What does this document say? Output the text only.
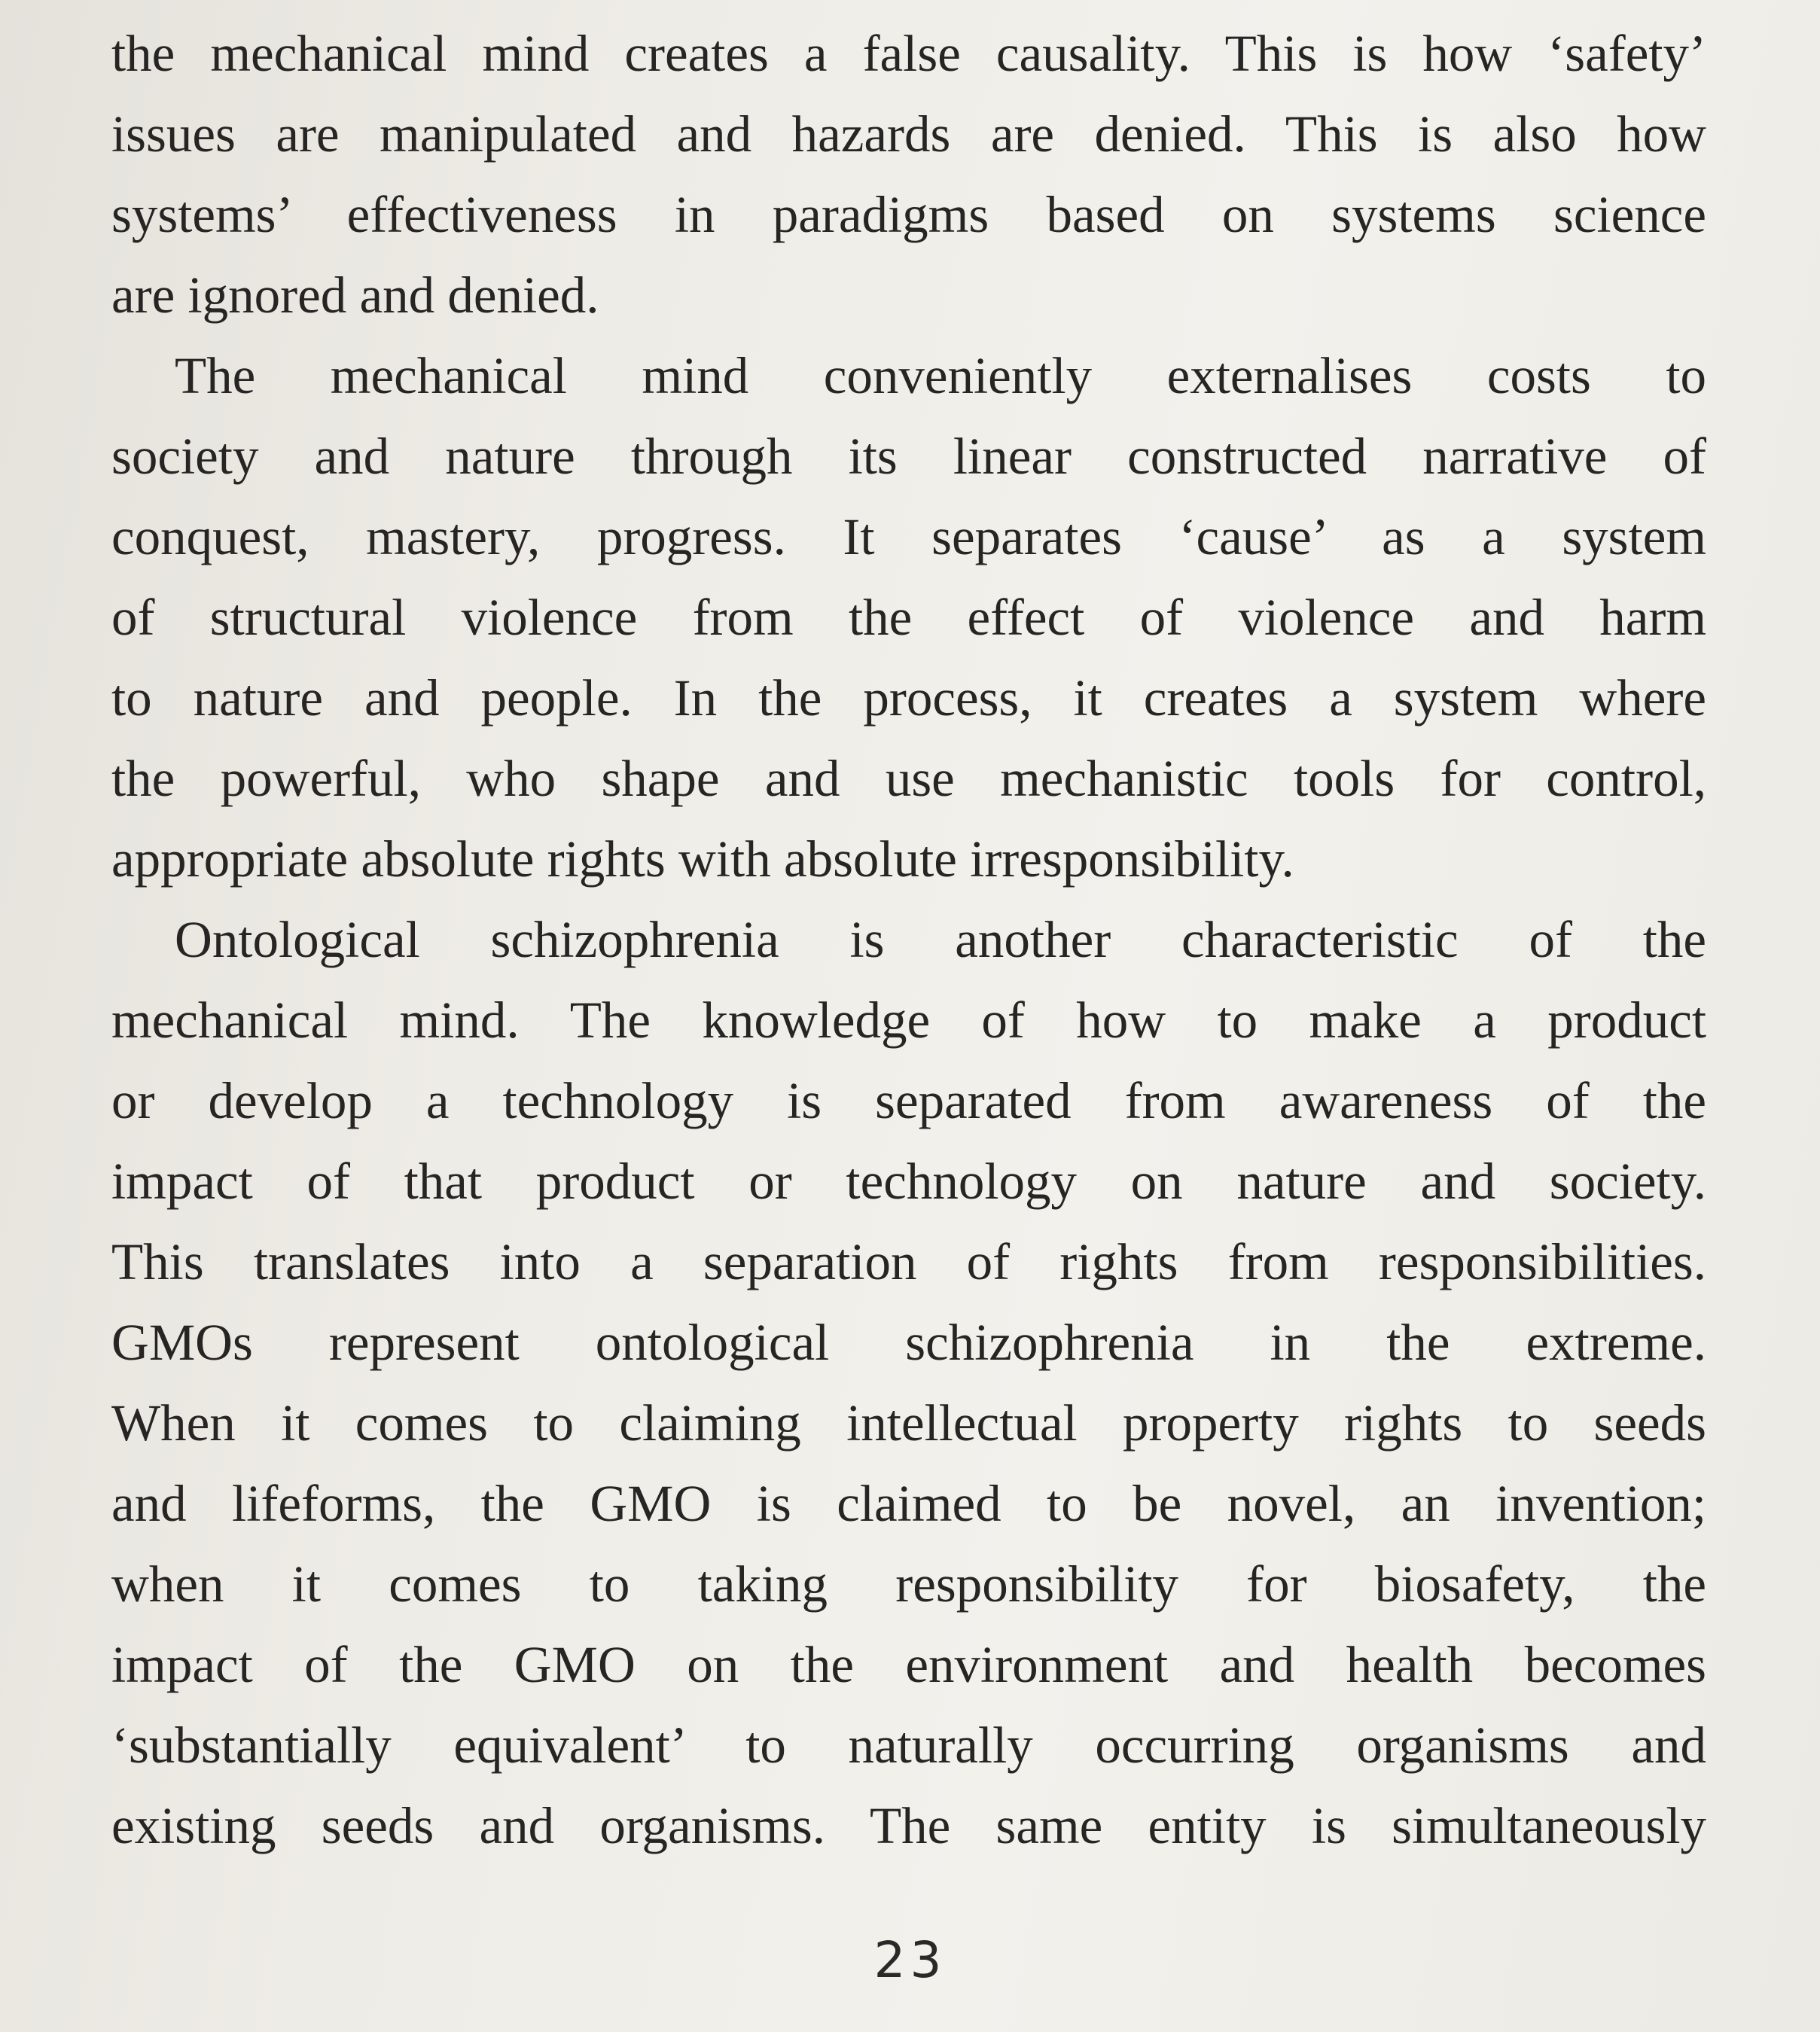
the mechanical mind creates a false causality. This is how ‘safety’
issues are manipulated and hazards are denied. This is also how
systems’ effectiveness in paradigms based on systems science
are ignored and denied.
The mechanical mind conveniently externalises costs to
society and nature through its linear constructed narrative of
conquest, mastery, progress. It separates ‘cause’ as a system
of structural violence from the effect of violence and harm
to nature and people. In the process, it creates a system where
the powerful, who shape and use mechanistic tools for control,
appropriate absolute rights with absolute irresponsibility.
Ontological schizophrenia is another characteristic of the
mechanical mind. The knowledge of how to make a product
or develop a technology is separated from awareness of the
impact of that product or technology on nature and society.
This translates into a separation of rights from responsibilities.
GMOs represent ontological schizophrenia in the extreme.
When it comes to claiming intellectual property rights to seeds
and lifeforms, the GMO is claimed to be novel, an invention;
when it comes to taking responsibility for biosafety, the
impact of the GMO on the environment and health becomes
‘substantially equivalent’ to naturally occurring organisms and
existing seeds and organisms. The same entity is simultaneously
23
